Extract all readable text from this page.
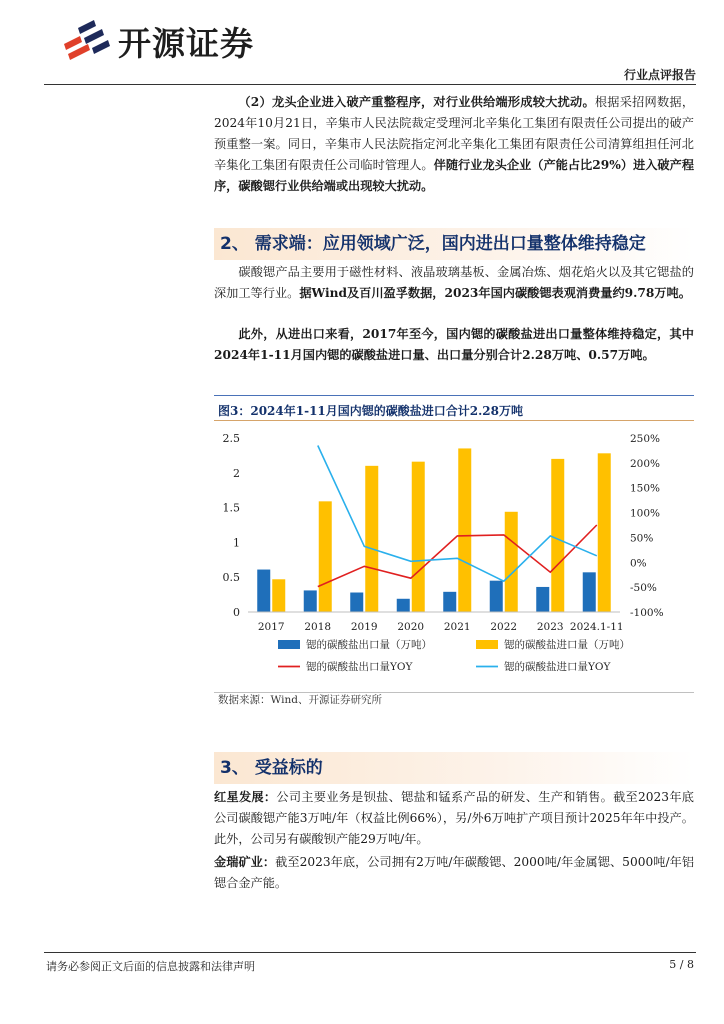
开源证券
行业点评报告
（2）龙头企业进入破产重整程序，对行业供给端形成较大扰动。根据采招网数据，2024年10月21日，辛集市人民法院裁定受理河北辛集化工集团有限责任公司提出的破产预重整一案。同日，辛集市人民法院指定河北辛集化工集团有限责任公司清算组担任河北辛集化工集团有限责任公司临时管理人。伴随行业龙头企业（产能占比29%）进入破产程序，碳酸锶行业供给端或出现较大扰动。
2、 需求端：应用领域广泛，国内进出口量整体维持稳定
碳酸锶产品主要用于磁性材料、液晶玻璃基板、金属冶炼、烟花焰火以及其它锶盐的深加工等行业。据Wind及百川盈孚数据，2023年国内碳酸锶表观消费量约9.78万吨。
此外，从进出口来看，2017年至今，国内锶的碳酸盐进出口量整体维持稳定，其中2024年1-11月国内锶的碳酸盐进口量、出口量分别合计2.28万吨、0.57万吨。
图3：2024年1-11月国内锶的碳酸盐进口合计2.28万吨
0
0.5
1
1.5
2
2.5
-100%
-50%
0%
50%
100%
150%
200%
250%
2017 2018 2019 2020 2021 2022 2023 2024.1-11
锶的碳酸盐出口量（万吨）	锶的碳酸盐进口量（万吨）
锶的碳酸盐出口量YOY	锶的碳酸盐进口量YOY
数据来源：Wind、开源证券研究所
3、 受益标的
红星发展：公司主要业务是钡盐、锶盐和锰系产品的研发、生产和销售。截至2023年底公司碳酸锶产能3万吨/年（权益比例66%），另/外6万吨扩产项目预计2025年年中投产。此外，公司另有碳酸钡产能29万吨/年。
金瑞矿业：截至2023年底，公司拥有2万吨/年碳酸锶、2000吨/年金属锶、5000吨/年铝锶合金产能。
请务必参阅正文后面的信息披露和法律声明	5 / 8
